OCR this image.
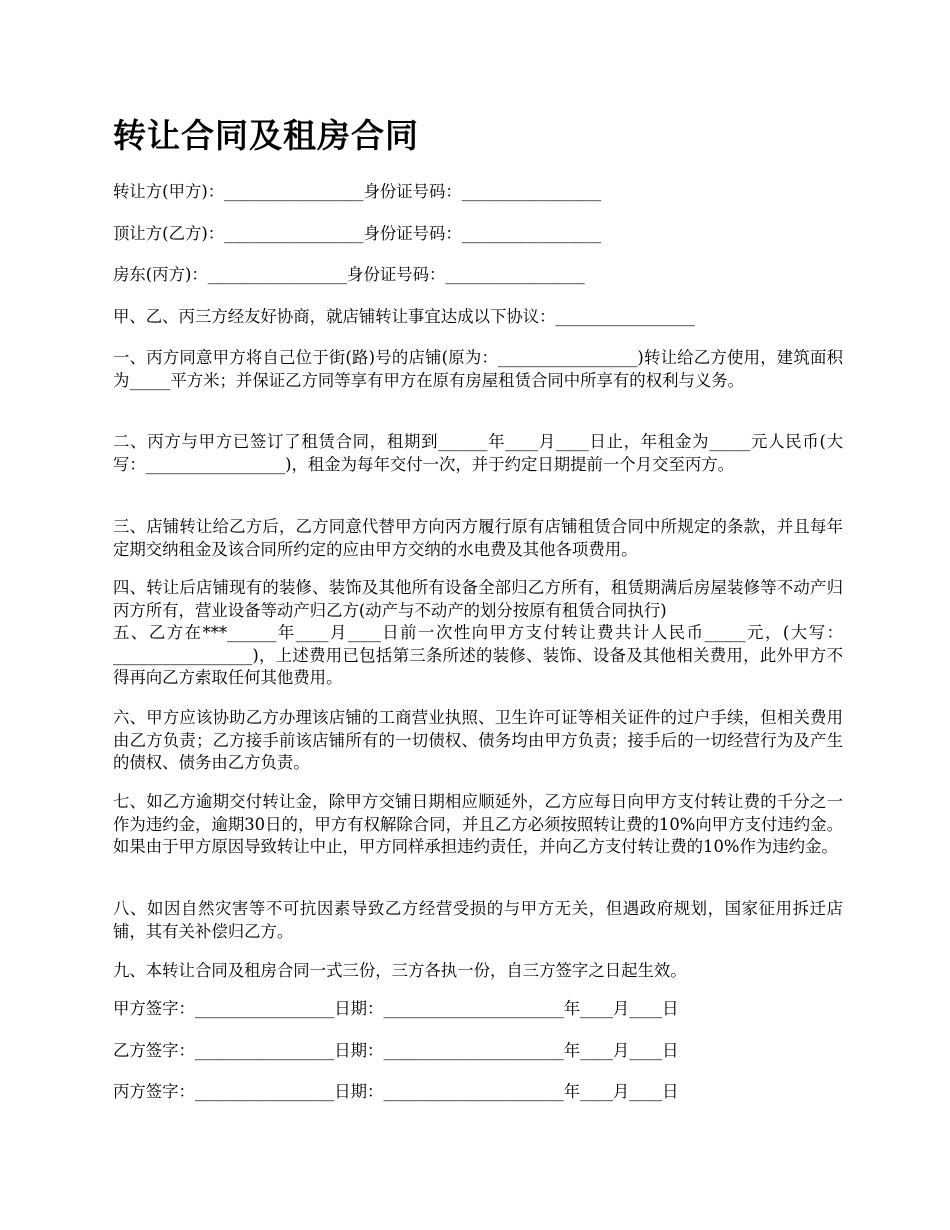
转让合同及租房合同
转让方(甲方)：_________________身份证号码：_________________
顶让方(乙方)：_________________身份证号码：_________________
房东(丙方)：_________________身份证号码：_________________
甲、乙、丙三方经友好协商，就店铺转让事宜达成以下协议：_________________
一、丙方同意甲方将自己位于街(路)号的店铺(原为：_________________)转让给乙方使用，建筑面积为_____平方米；并保证乙方同等享有甲方在原有房屋租赁合同中所享有的权利与义务。
二、丙方与甲方已签订了租赁合同，租期到______年____月____日止，年租金为_____元人民币(大写：_________________)，租金为每年交付一次，并于约定日期提前一个月交至丙方。
三、店铺转让给乙方后，乙方同意代替甲方向丙方履行原有店铺租赁合同中所规定的条款，并且每年定期交纳租金及该合同所约定的应由甲方交纳的水电费及其他各项费用。
四、转让后店铺现有的装修、装饰及其他所有设备全部归乙方所有，租赁期满后房屋装修等不动产归丙方所有，营业设备等动产归乙方(动产与不动产的划分按原有租赁合同执行)
五、乙方在***______年____月____日前一次性向甲方支付转让费共计人民币_____元，(大写：_________________)，上述费用已包括第三条所述的装修、装饰、设备及其他相关费用，此外甲方不得再向乙方索取任何其他费用。
六、甲方应该协助乙方办理该店铺的工商营业执照、卫生许可证等相关证件的过户手续，但相关费用由乙方负责；乙方接手前该店铺所有的一切债权、债务均由甲方负责；接手后的一切经营行为及产生的债权、债务由乙方负责。
七、如乙方逾期交付转让金，除甲方交铺日期相应顺延外，乙方应每日向甲方支付转让费的千分之一作为违约金，逾期30日的，甲方有权解除合同，并且乙方必须按照转让费的10%向甲方支付违约金。如果由于甲方原因导致转让中止，甲方同样承担违约责任，并向乙方支付转让费的10%作为违约金。
八、如因自然灾害等不可抗因素导致乙方经营受损的与甲方无关，但遇政府规划，国家征用拆迁店铺，其有关补偿归乙方。
九、本转让合同及租房合同一式三份，三方各执一份，自三方签字之日起生效。
甲方签字：_________________日期：______________________年____月____日
乙方签字：_________________日期：______________________年____月____日
丙方签字：_________________日期：______________________年____月____日
